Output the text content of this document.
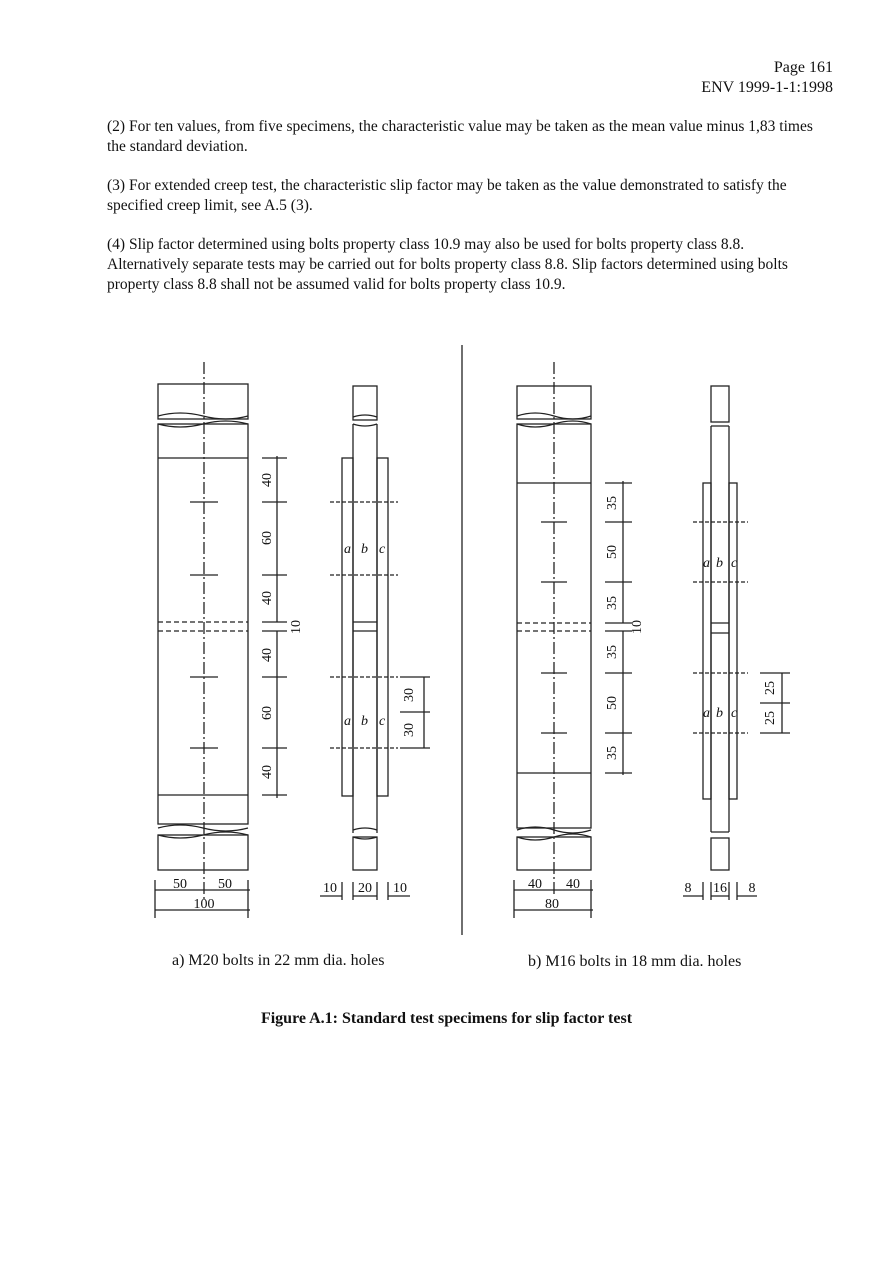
Page 161
ENV 1999-1-1:1998

(2) For ten values, from five specimens, the characteristic value may be taken as the mean value minus 1,83 times the standard deviation.

(3) For extended creep test, the characteristic slip factor may be taken as the value demonstrated to satisfy the specified creep limit, see A.5 (3).

(4) Slip factor determined using bolts property class 10.9 may also be used for bolts property class 8.8. Alternatively separate tests may be carried out for bolts property class 8.8. Slip factors determined using bolts property class 8.8 shall not be assumed valid for bolts property class 10.9.

40
60
40
40
60
40
10
a b c
a b c
30
30
50 50
100
10 20 10
35
50
35
35
50
35
10
a b c
a b c
25
25
40 40
80
8 16 8
a) M20 bolts in 22 mm dia. holes	b) M16 bolts in 18 mm dia. holes
Figure A.1: Standard test specimens for slip factor test
